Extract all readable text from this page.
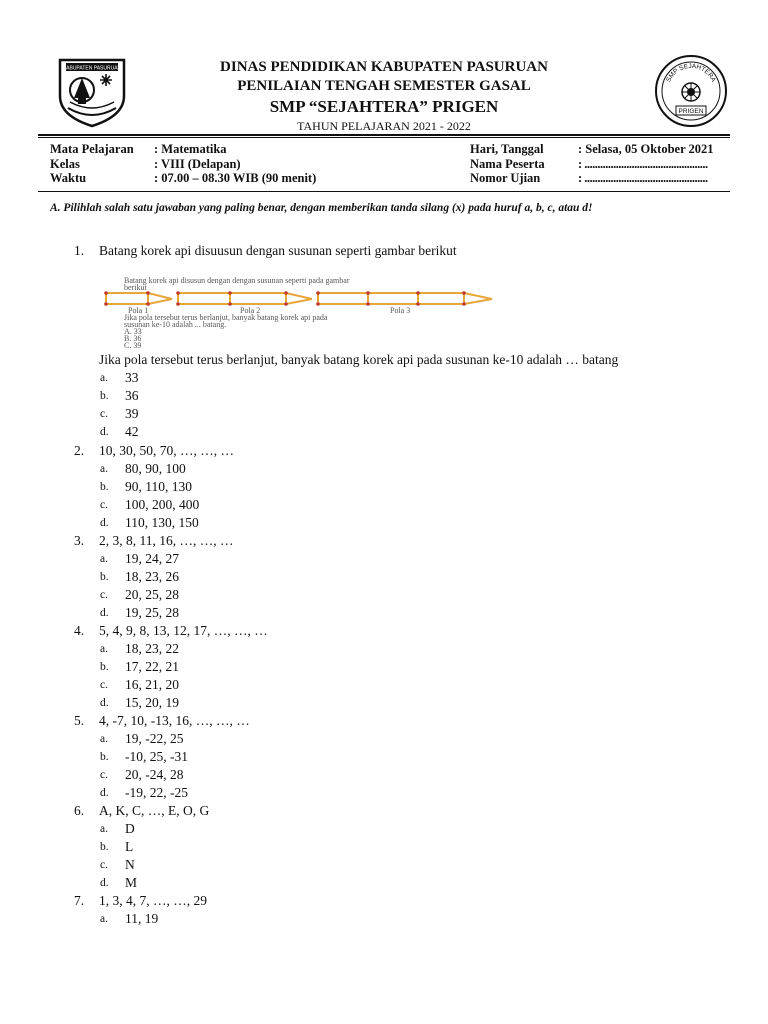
KABUPATEN PASURUAN	DINAS PENDIDIKAN KABUPATEN PASURUAN
PENILAIAN TENGAH SEMESTER GASAL
SMP “SEJAHTERA” PRIGEN
TAHUN PELAJARAN 2021 - 2022
SMP SEJAHTERA
PRIGEN
Mata Pelajaran	: Matematika
Kelas	: VIII (Delapan)
Waktu	: 07.00 – 08.30 WIB (90 menit)
Hari, Tanggal	: Selasa, 05 Oktober 2021
Nama Peserta	: ...............................................
Nomor Ujian	: ...............................................
A. Pilihlah salah satu jawaban yang paling benar, dengan memberikan tanda silang (x) pada huruf a, b, c, atau d!
1.	Batang korek api disuusun dengan susunan seperti gambar berikut
Batang korek api disusun dengan dengan susunan seperti pada gambar
berikut
Pola 1	Pola 2	Pola 3
Jika pola tersebut terus berlanjut, banyak batang korek api pada
susunan ke-10 adalah ... batang.
A. 33
B. 36
C. 39
Jika pola tersebut terus berlanjut, banyak batang korek api pada susunan ke-10 adalah … batang
a.	33
b.	36
c.	39
d.	42
2.	10, 30, 50, 70, …, …, …
a.	80, 90, 100
b.	90, 110, 130
c.	100, 200, 400
d.	110, 130, 150
3.	2, 3, 8, 11, 16, …, …, …
a.	19, 24, 27
b.	18, 23, 26
c.	20, 25, 28
d.	19, 25, 28
4.	5, 4, 9, 8, 13, 12, 17, …, …, …
a.	18, 23, 22
b.	17, 22, 21
c.	16, 21, 20
d.	15, 20, 19
5.	4, -7, 10, -13, 16, …, …, …
a.	19, -22, 25
b.	-10, 25, -31
c.	20, -24, 28
d.	-19, 22, -25
6.	A, K, C, …, E, O, G
a.	D
b.	L
c.	N
d.	M
7.	1, 3, 4, 7, …, …, 29
a.	11, 19
